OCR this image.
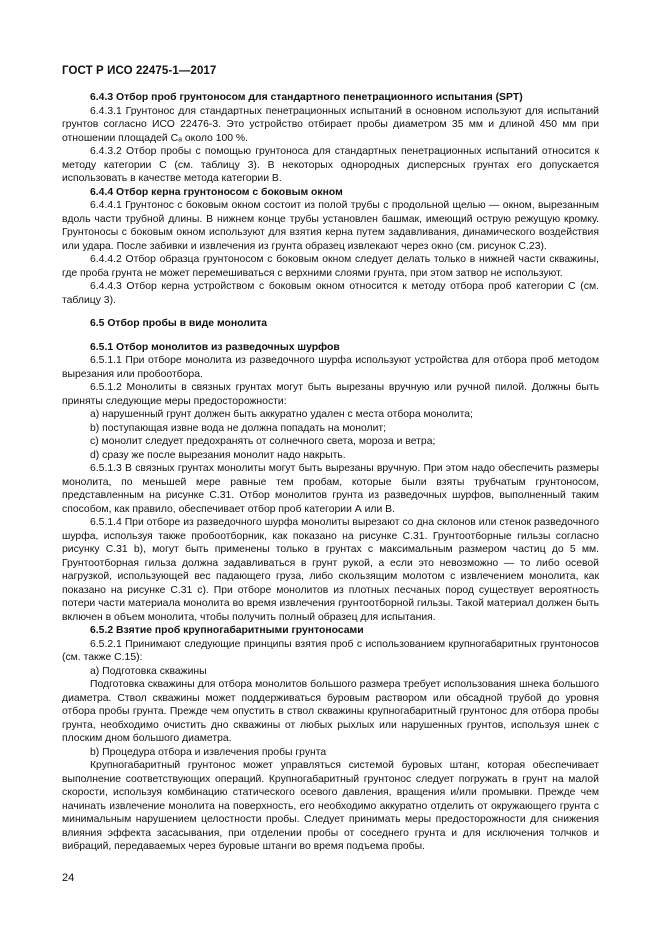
ГОСТ Р ИСО 22475-1—2017

6.4.3 Отбор проб грунтоносом для стандартного пенетрационного испытания (SPT)

6.4.3.1 Грунтонос для стандартных пенетрационных испытаний в основном используют для испытаний грунтов согласно ИСО 22476-3. Это устройство отбирает пробы диаметром 35 мм и длиной 450 мм при отношении площадей Cₐ около 100 %.

6.4.3.2 Отбор пробы с помощью грунтоноса для стандартных пенетрационных испытаний относится к методу категории С (см. таблицу 3). В некоторых однородных дисперсных грунтах его допускается использовать в качестве метода категории В.

6.4.4 Отбор керна грунтоносом с боковым окном

6.4.4.1 Грунтонос с боковым окном состоит из полой трубы с продольной щелью — окном, вырезанным вдоль части трубной длины. В нижнем конце трубы установлен башмак, имеющий острую режущую кромку. Грунтоносы с боковым окном используют для взятия керна путем задавливания, динамического воздействия или удара. После забивки и извлечения из грунта образец извлекают через окно (см. рисунок С.23).

6.4.4.2 Отбор образца грунтоносом с боковым окном следует делать только в нижней части скважины, где проба грунта не может перемешиваться с верхними слоями грунта, при этом затвор не используют.

6.4.4.3 Отбор керна устройством с боковым окном относится к методу отбора проб категории С (см. таблицу 3).

6.5 Отбор пробы в виде монолита

6.5.1 Отбор монолитов из разведочных шурфов

6.5.1.1 При отборе монолита из разведочного шурфа используют устройства для отбора проб методом вырезания или пробоотбора.

6.5.1.2 Монолиты в связных грунтах могут быть вырезаны вручную или ручной пилой. Должны быть приняты следующие меры предосторожности:

a) нарушенный грунт должен быть аккуратно удален с места отбора монолита;

b) поступающая извне вода не должна попадать на монолит;

c) монолит следует предохранять от солнечного света, мороза и ветра;

d) сразу же после вырезания монолит надо накрыть.

6.5.1.3 В связных грунтах монолиты могут быть вырезаны вручную. При этом надо обеспечить размеры монолита, по меньшей мере равные тем пробам, которые были взяты трубчатым грунтоносом, представленным на рисунке С.31. Отбор монолитов грунта из разведочных шурфов, выполненный таким способом, как правило, обеспечивает отбор проб категории А или В.

6.5.1.4 При отборе из разведочного шурфа монолиты вырезают со дна склонов или стенок разведочного шурфа, используя также пробоотборник, как показано на рисунке С.31. Грунтоотборные гильзы согласно рисунку С.31 b), могут быть применены только в грунтах с максимальным размером частиц до 5 мм. Грунтоотборная гильза должна задавливаться в грунт рукой, а если это невозможно — то либо осевой нагрузкой, использующей вес падающего груза, либо скользящим молотом с извлечением монолита, как показано на рисунке С.31 с). При отборе монолитов из плотных песчаных пород существует вероятность потери части материала монолита во время извлечения грунтоотборной гильзы. Такой материал должен быть включен в объем монолита, чтобы получить полный образец для испытания.

6.5.2 Взятие проб крупногабаритными грунтоносами

6.5.2.1 Принимают следующие принципы взятия проб с использованием крупногабаритных грунтоносов (см. также С.15):

a) Подготовка скважины

Подготовка скважины для отбора монолитов большого размера требует использования шнека большого диаметра. Ствол скважины может поддерживаться буровым раствором или обсадной трубой до уровня отбора пробы грунта. Прежде чем опустить в ствол скважины крупногабаритный грунтонос для отбора пробы грунта, необходимо очистить дно скважины от любых рыхлых или нарушенных грунтов, используя шнек с плоским дном большого диаметра.

b) Процедура отбора и извлечения пробы грунта

Крупногабаритный грунтонос может управляться системой буровых штанг, которая обеспечивает выполнение соответствующих операций. Крупногабаритный грунтонос следует погружать в грунт на малой скорости, используя комбинацию статического осевого давления, вращения и/или промывки. Прежде чем начинать извлечение монолита на поверхность, его необходимо аккуратно отделить от окружающего грунта с минимальным нарушением целостности пробы. Следует принимать меры предосторожности для снижения влияния эффекта засасывания, при отделении пробы от соседнего грунта и для исключения толчков и вибраций, передаваемых через буровые штанги во время подъема пробы.

24
